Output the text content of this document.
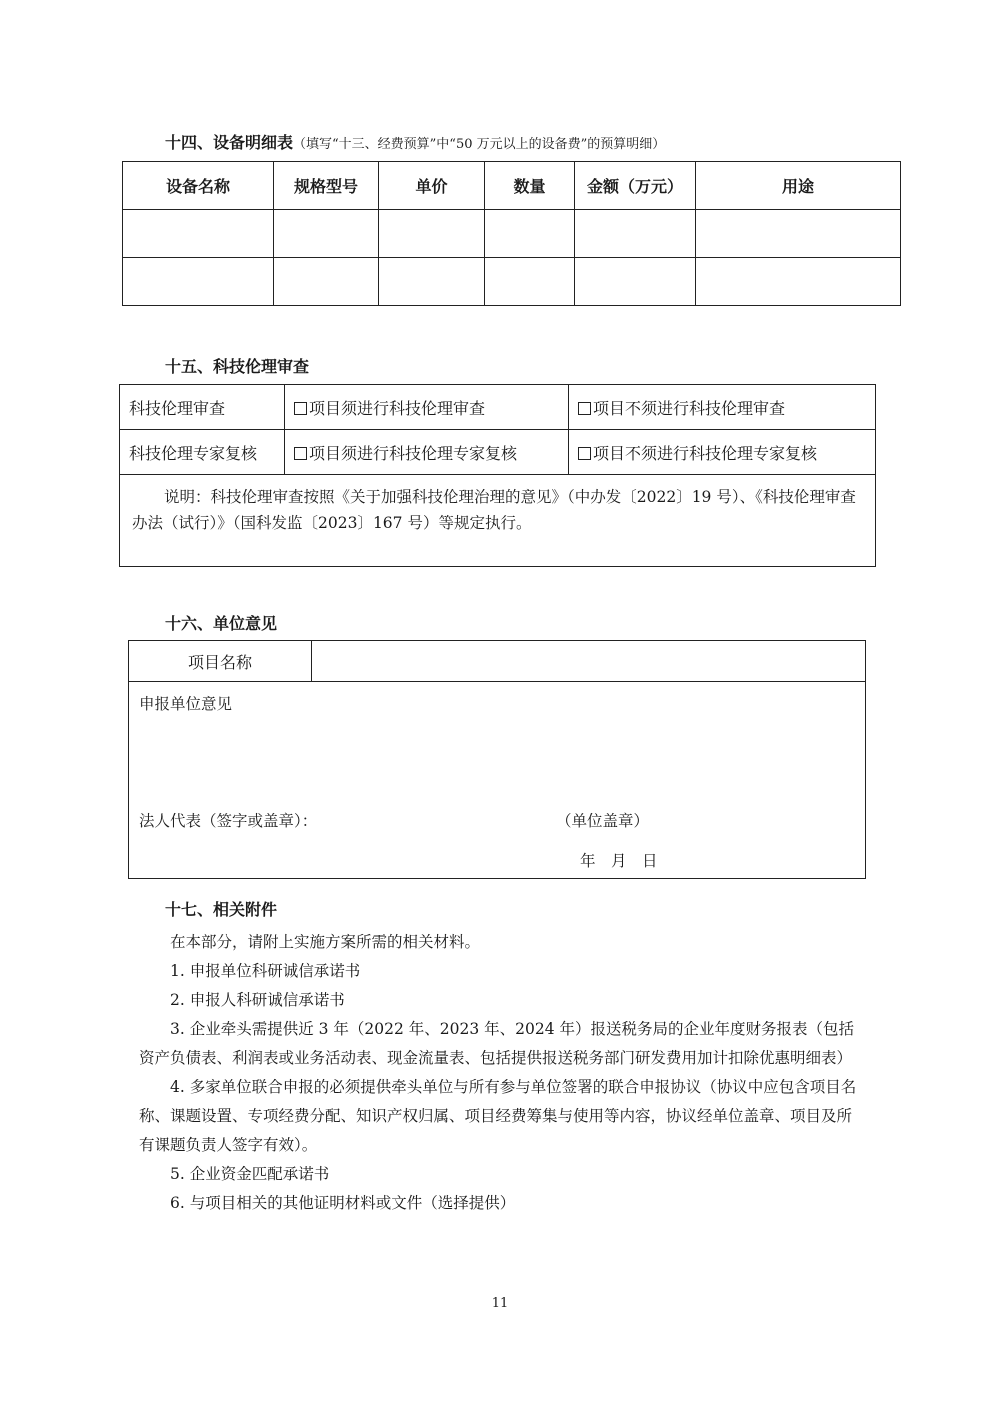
十四、设备明细表（填写“十三、经费预算”中“50 万元以上的设备费”的预算明细）
设备名称	规格型号	单价	数量	金额（万元）	用途

十五、科技伦理审查
科技伦理审查	项目须进行科技伦理审查	项目不须进行科技伦理审查
科技伦理专家复核	项目须进行科技伦理专家复核	项目不须进行科技伦理专家复核
说明：科技伦理审查按照《关于加强科技伦理治理的意见》（中办发〔2022〕19 号）、《科技伦理审查办法（试行）》（国科发监〔2023〕167 号）等规定执行。		
十六、单位意见
项目名称	

申报单位意见
法人代表（签字或盖章）：	（单位盖章）
年　月　日
十七、相关附件
在本部分，请附上实施方案所需的相关材料。
1. 申报单位科研诚信承诺书
2. 申报人科研诚信承诺书
3. 企业牵头需提供近 3 年（2022 年、2023 年、2024 年）报送税务局的企业年度财务报表（包括资产负债表、利润表或业务活动表、现金流量表、包括提供报送税务部门研发费用加计扣除优惠明细表）
4. 多家单位联合申报的必须提供牵头单位与所有参与单位签署的联合申报协议（协议中应包含项目名称、课题设置、专项经费分配、知识产权归属、项目经费筹集与使用等内容，协议经单位盖章、项目及所有课题负责人签字有效）。
5. 企业资金匹配承诺书
6. 与项目相关的其他证明材料或文件（选择提供）
11
